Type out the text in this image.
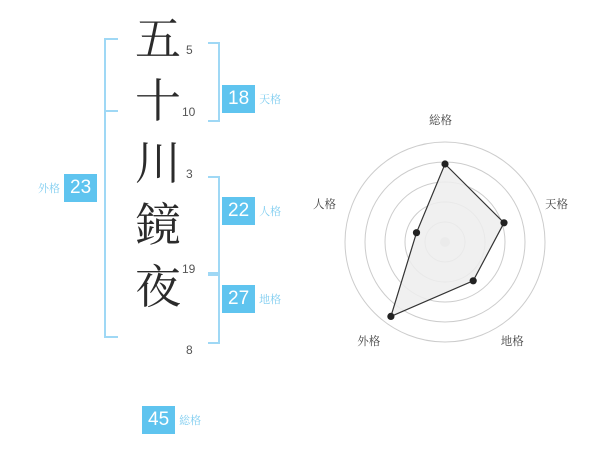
五
十
川
鏡
夜
5
10
3
19
8
18 天格
22 人格
27 地格
23
外格
45 総格
総格
天格
地格
外格
人格
